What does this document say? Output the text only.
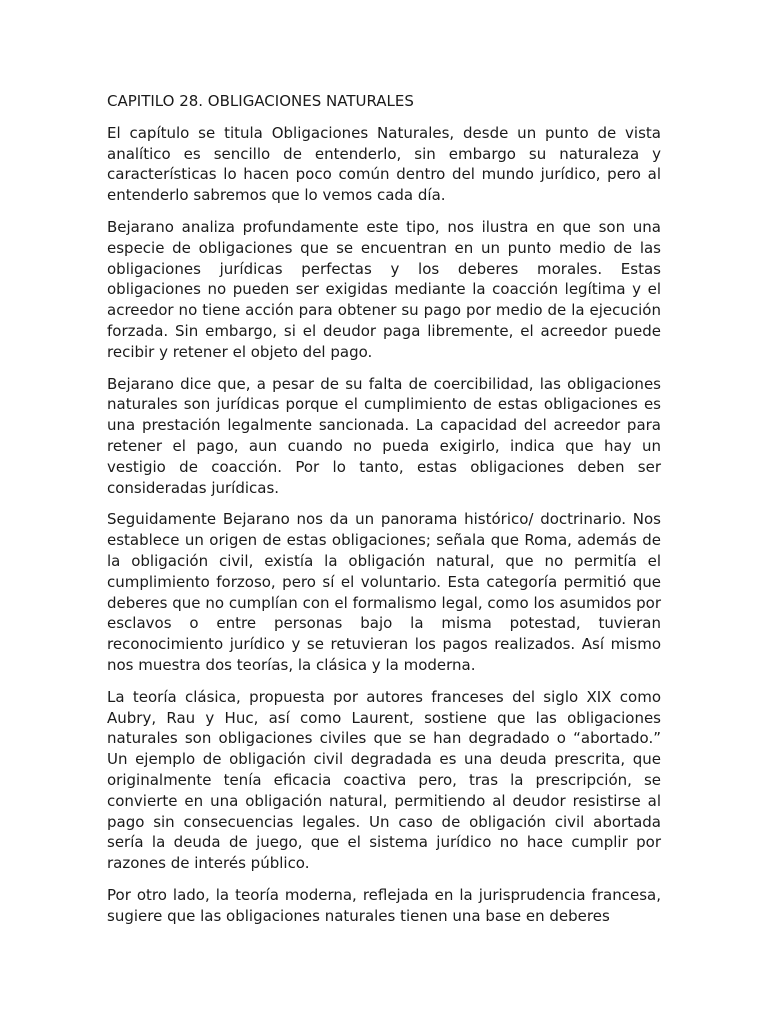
CAPITILO 28. OBLIGACIONES NATURALES

El capítulo se titula Obligaciones Naturales, desde un punto de vista analítico es sencillo de entenderlo, sin embargo su naturaleza y características lo hacen poco común dentro del mundo jurídico, pero al entenderlo sabremos que lo vemos cada día.

Bejarano analiza profundamente este tipo, nos ilustra en que son una especie de obligaciones que se encuentran en un punto medio de las obligaciones jurídicas perfectas y los deberes morales. Estas obligaciones no pueden ser exigidas mediante la coacción legítima y el acreedor no tiene acción para obtener su pago por medio de la ejecución forzada. Sin embargo, si el deudor paga libremente, el acreedor puede recibir y retener el objeto del pago.

Bejarano dice que, a pesar de su falta de coercibilidad, las obligaciones naturales son jurídicas porque el cumplimiento de estas obligaciones es una prestación legalmente sancionada. La capacidad del acreedor para retener el pago, aun cuando no pueda exigirlo, indica que hay un vestigio de coacción. Por lo tanto, estas obligaciones deben ser consideradas jurídicas.

Seguidamente Bejarano nos da un panorama histórico/ doctrinario. Nos establece un origen de estas obligaciones; señala que Roma, además de la obligación civil, existía la obligación natural, que no permitía el cumplimiento forzoso, pero sí el voluntario. Esta categoría permitió que deberes que no cumplían con el formalismo legal, como los asumidos por esclavos o entre personas bajo la misma potestad, tuvieran reconocimiento jurídico y se retuvieran los pagos realizados. Así mismo nos muestra dos teorías, la clásica y la moderna.

La teoría clásica, propuesta por autores franceses del siglo XIX como Aubry, Rau y Huc, así como Laurent, sostiene que las obligaciones naturales son obligaciones civiles que se han degradado o “abortado.” Un ejemplo de obligación civil degradada es una deuda prescrita, que originalmente tenía eficacia coactiva pero, tras la prescripción, se convierte en una obligación natural, permitiendo al deudor resistirse al pago sin consecuencias legales. Un caso de obligación civil abortada sería la deuda de juego, que el sistema jurídico no hace cumplir por razones de interés público.

Por otro lado, la teoría moderna, reflejada en la jurisprudencia francesa, sugiere que las obligaciones naturales tienen una base en deberes
